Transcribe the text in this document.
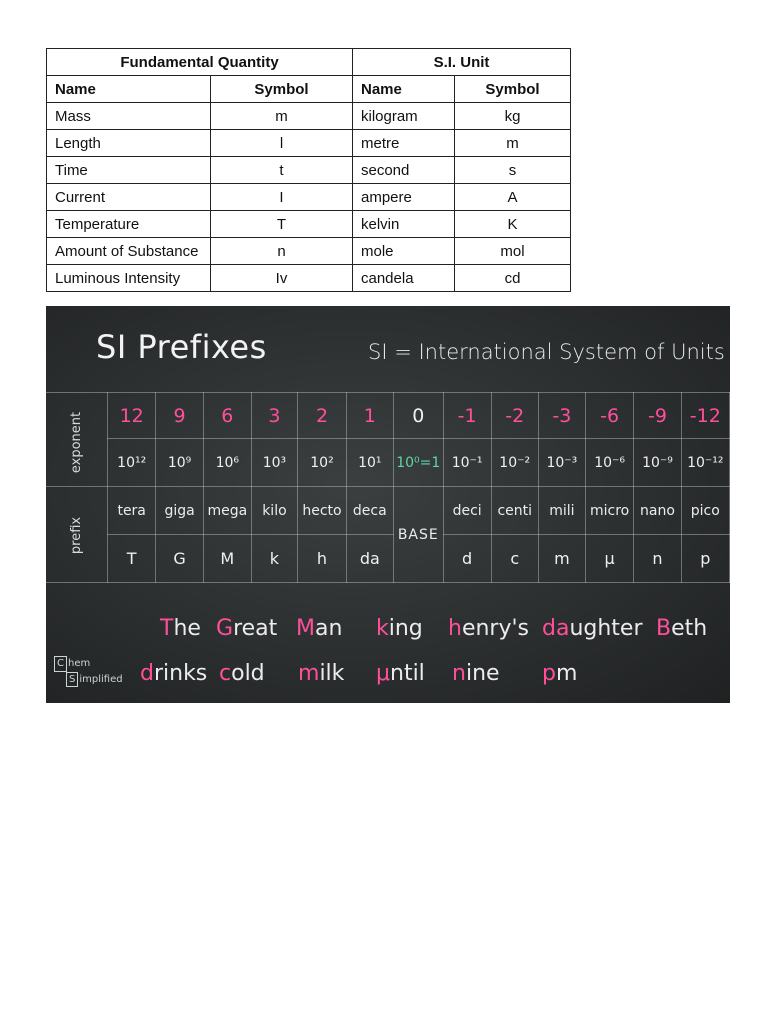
Fundamental Quantity		S.I. Unit	
Name	Symbol	Name	Symbol
Mass	m	kilogram	kg
Length	l	metre	m
Time	t	second	s
Current	I	ampere	A
Temperature	T	kelvin	K
Amount of Substance	n	mole	mol
Luminous Intensity	Iv	candela	cd
SI Prefixes	SI = International System of Units
exponent	12	9	6	3	2	1	0	-1	-2	-3	-6	-9	-12
	10¹²	10⁹	10⁶	10³	10²	10¹	10⁰=1	10⁻¹	10⁻²	10⁻³	10⁻⁶	10⁻⁹	10⁻¹²
prefix	tera	giga	mega	kilo	hecto	deca	BASE	deci	centi	mili	micro	nano	pico
	T	G	M	k	h	da		d	c	m	μ	n	p
The Great Man king henry's daughter Beth
drinks cold milk μntil nine pm
C hem
S implified
